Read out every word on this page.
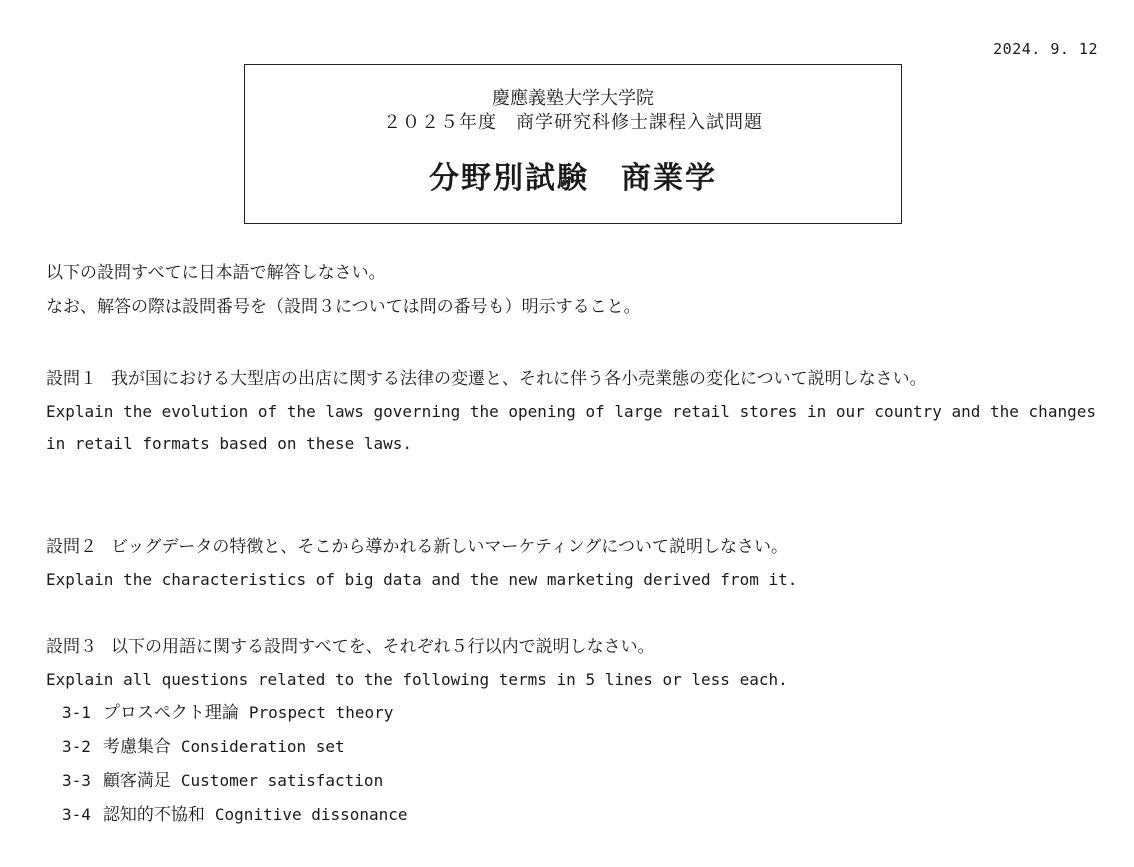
2024. 9. 12
慶應義塾大学大学院
２０２５年度　商学研究科修士課程入試問題
分野別試験　商業学
以下の設問すべてに日本語で解答しなさい。
なお、解答の際は設問番号を（設問３については問の番号も）明示すること。
設問１ 我が国における大型店の出店に関する法律の変遷と、それに伴う各小売業態の変化について説明しなさい。
Explain the evolution of the laws governing the opening of large retail stores in our country and the changes in retail formats based on these laws.
設問２ ビッグデータの特徴と、そこから導かれる新しいマーケティングについて説明しなさい。
Explain the characteristics of big data and the new marketing derived from it.
設問３ 以下の用語に関する設問すべてを、それぞれ５行以内で説明しなさい。
Explain all questions related to the following terms in 5 lines or less each.
3-1 プロスペクト理論 Prospect theory
3-2 考慮集合 Consideration set
3-3 顧客満足 Customer satisfaction
3-4 認知的不協和 Cognitive dissonance
